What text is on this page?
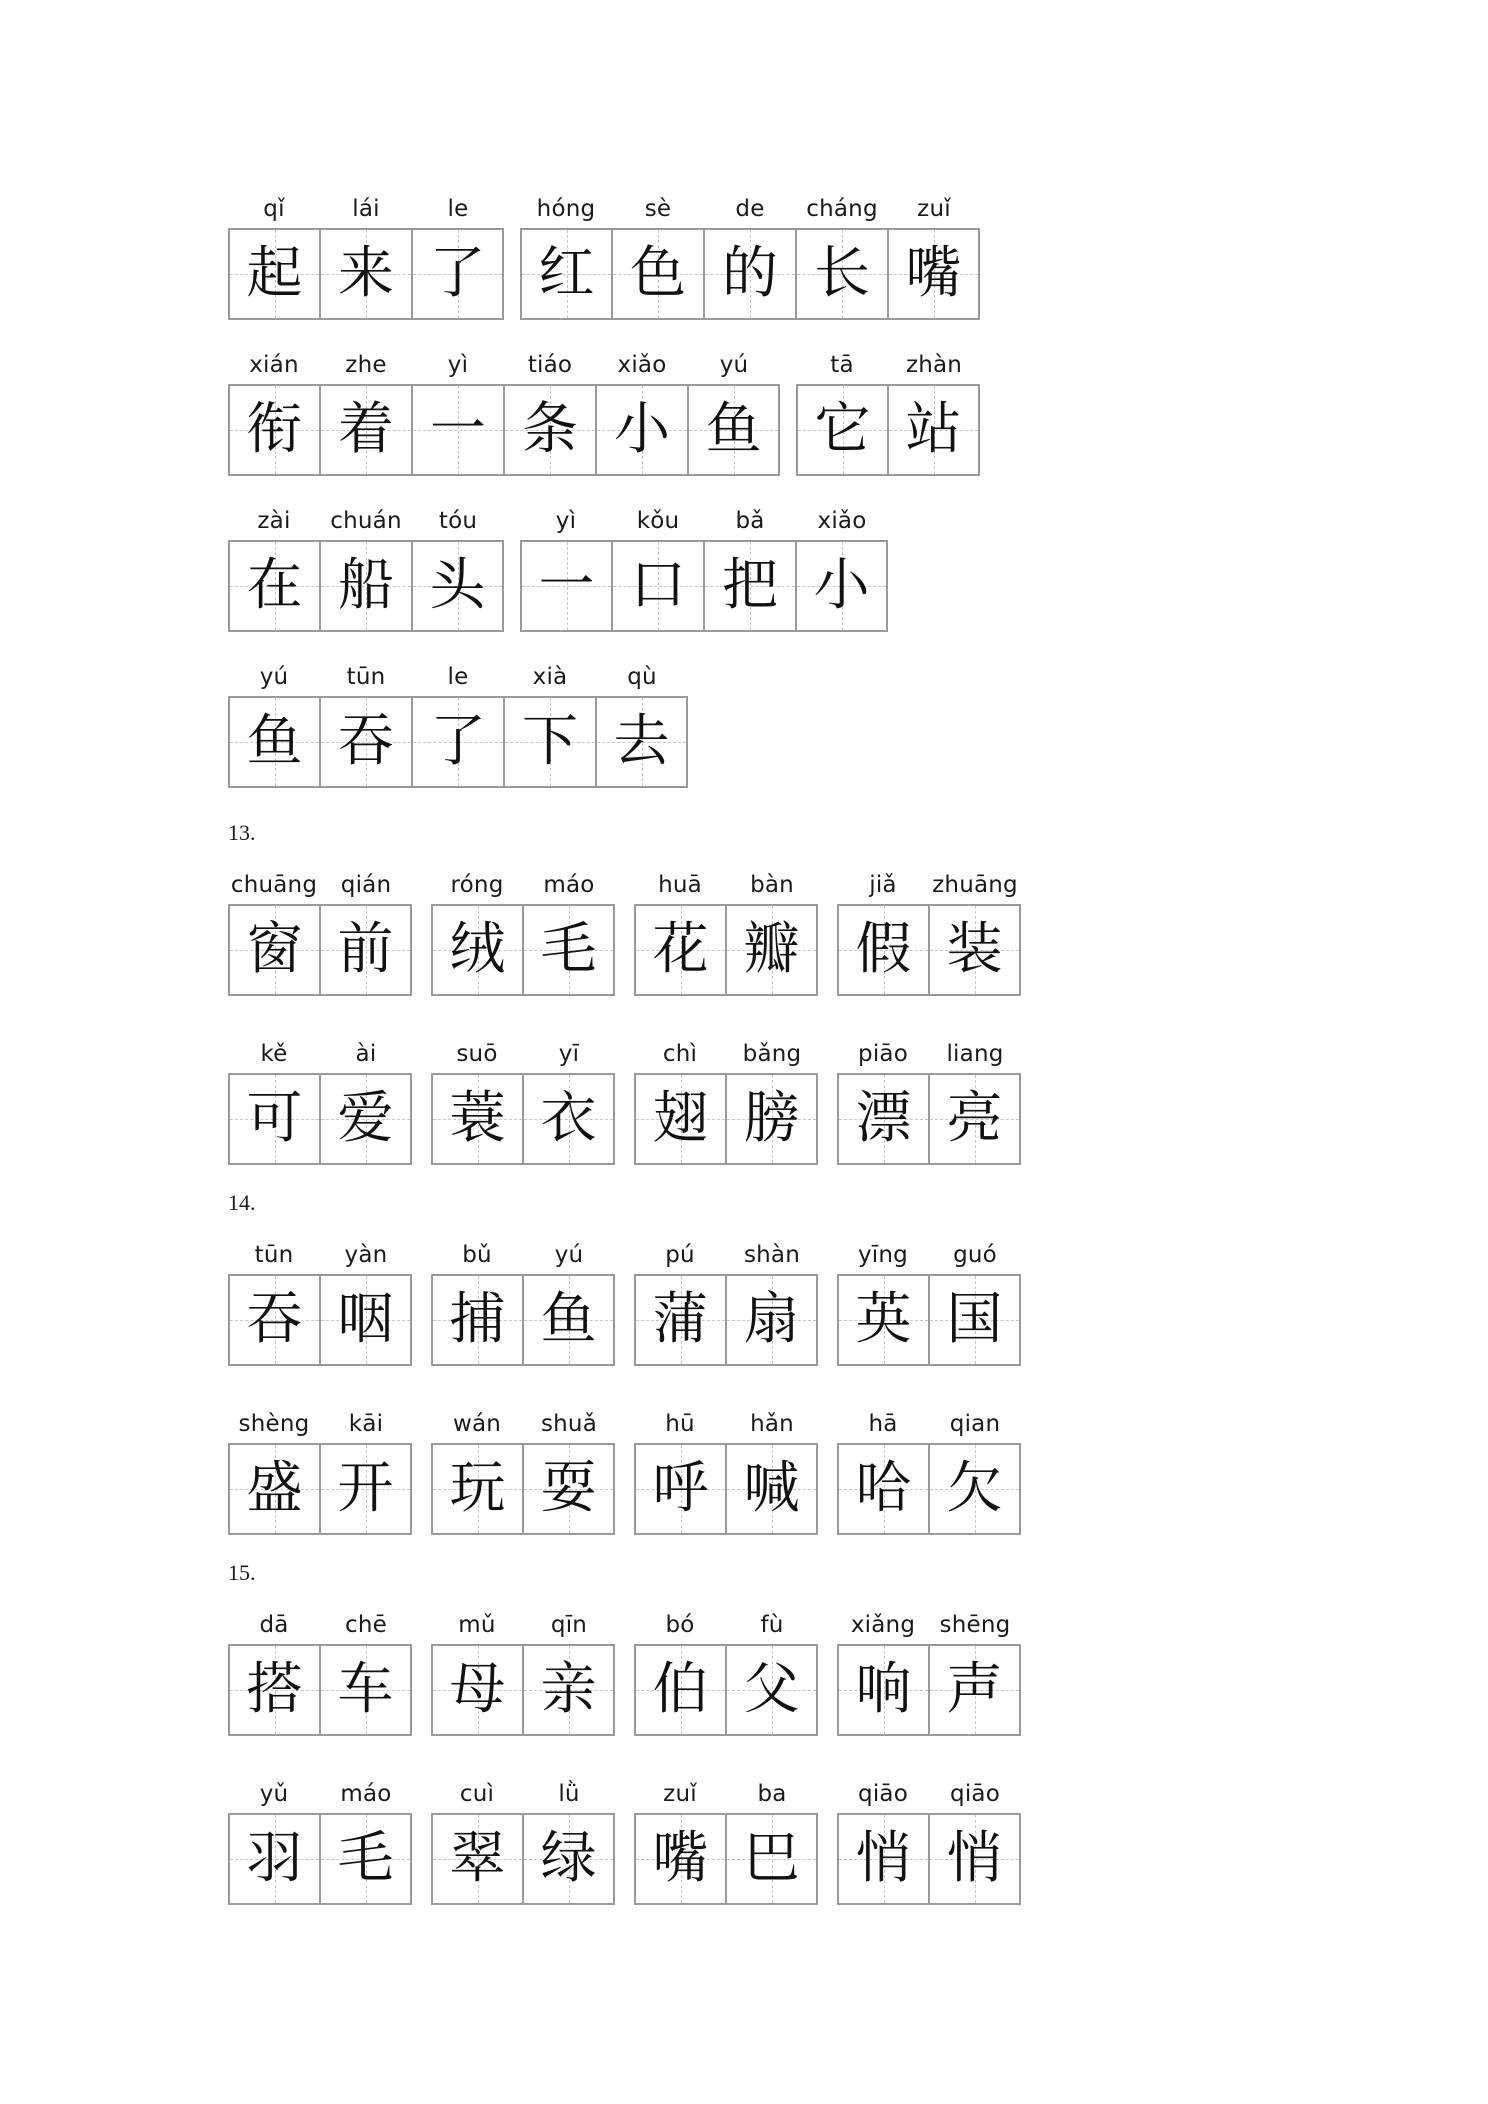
qǐ
起
lái
来
le
了
hóng
红
sè
色
de
的
cháng
长
zuǐ
嘴
xián
衔
zhe
着
yì
一
tiáo
条
xiǎo
小
yú
鱼
tā
它
zhàn
站
zài
在
chuán
船
tóu
头
yì
一
kǒu
口
bǎ
把
xiǎo
小
yú
鱼
tūn
吞
le
了
xià
下
qù
去
13.
chuāng
窗
qián
前
róng
绒
máo
毛
huā
花
bàn
瓣
jiǎ
假
zhuāng
装
kě
可
ài
爱
suō
蓑
yī
衣
chì
翅
bǎng
膀
piāo
漂
liang
亮
14.
tūn
吞
yàn
咽
bǔ
捕
yú
鱼
pú
蒲
shàn
扇
yīng
英
guó
国
shèng
盛
kāi
开
wán
玩
shuǎ
耍
hū
呼
hǎn
喊
hā
哈
qian
欠
15.
dā
搭
chē
车
mǔ
母
qīn
亲
bó
伯
fù
父
xiǎng
响
shēng
声
yǔ
羽
máo
毛
cuì
翠
lǜ
绿
zuǐ
嘴
ba
巴
qiāo
悄
qiāo
悄
